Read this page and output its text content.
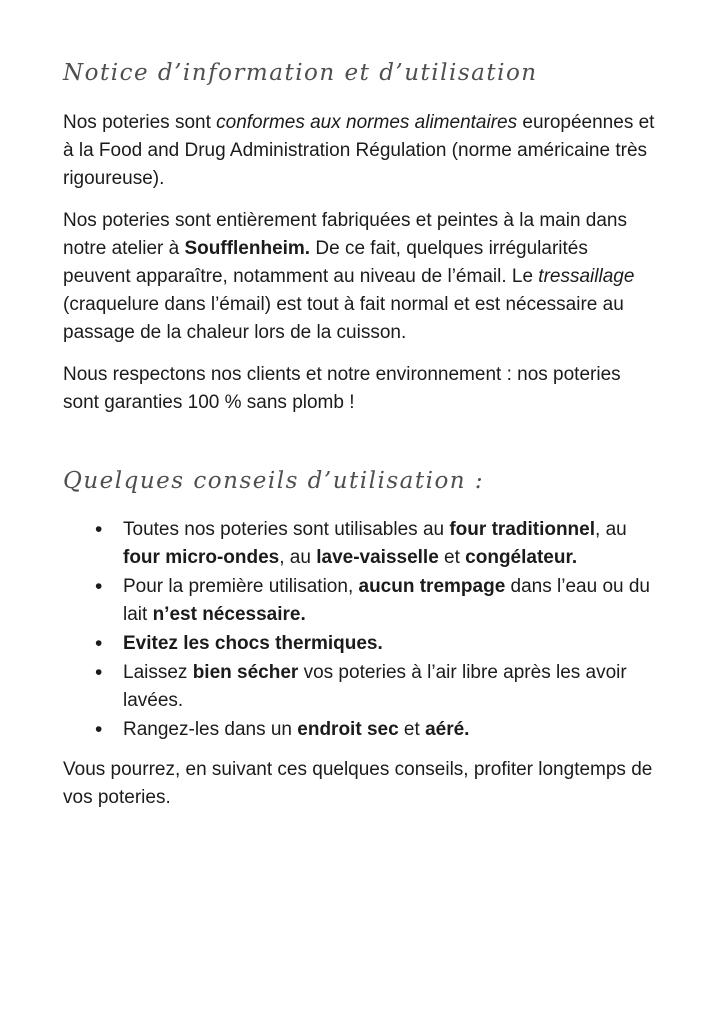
Notice d’information et d’utilisation

Nos poteries sont conformes aux normes alimentaires européennes et à la Food and Drug Administration Régulation (norme américaine très rigoureuse).

Nos poteries sont entièrement fabriquées et peintes à la main dans notre atelier à Soufflenheim. De ce fait, quelques irrégularités peuvent apparaître, notamment au niveau de l’émail. Le tressaillage (craquelure dans l’émail) est tout à fait normal et est nécessaire au passage de la chaleur lors de la cuisson.

Nous respectons nos clients et notre environnement : nos poteries sont garanties 100 % sans plomb !

Quelques conseils d’utilisation :
• Toutes nos poteries sont utilisables au four traditionnel, au four micro-ondes, au lave-vaisselle et congélateur.
• Pour la première utilisation, aucun trempage dans l’eau ou du lait n’est nécessaire.
• Evitez les chocs thermiques.
• Laissez bien sécher vos poteries à l’air libre après les avoir lavées.
• Rangez-les dans un endroit sec et aéré.

Vous pourrez, en suivant ces quelques conseils, profiter longtemps de vos poteries.
